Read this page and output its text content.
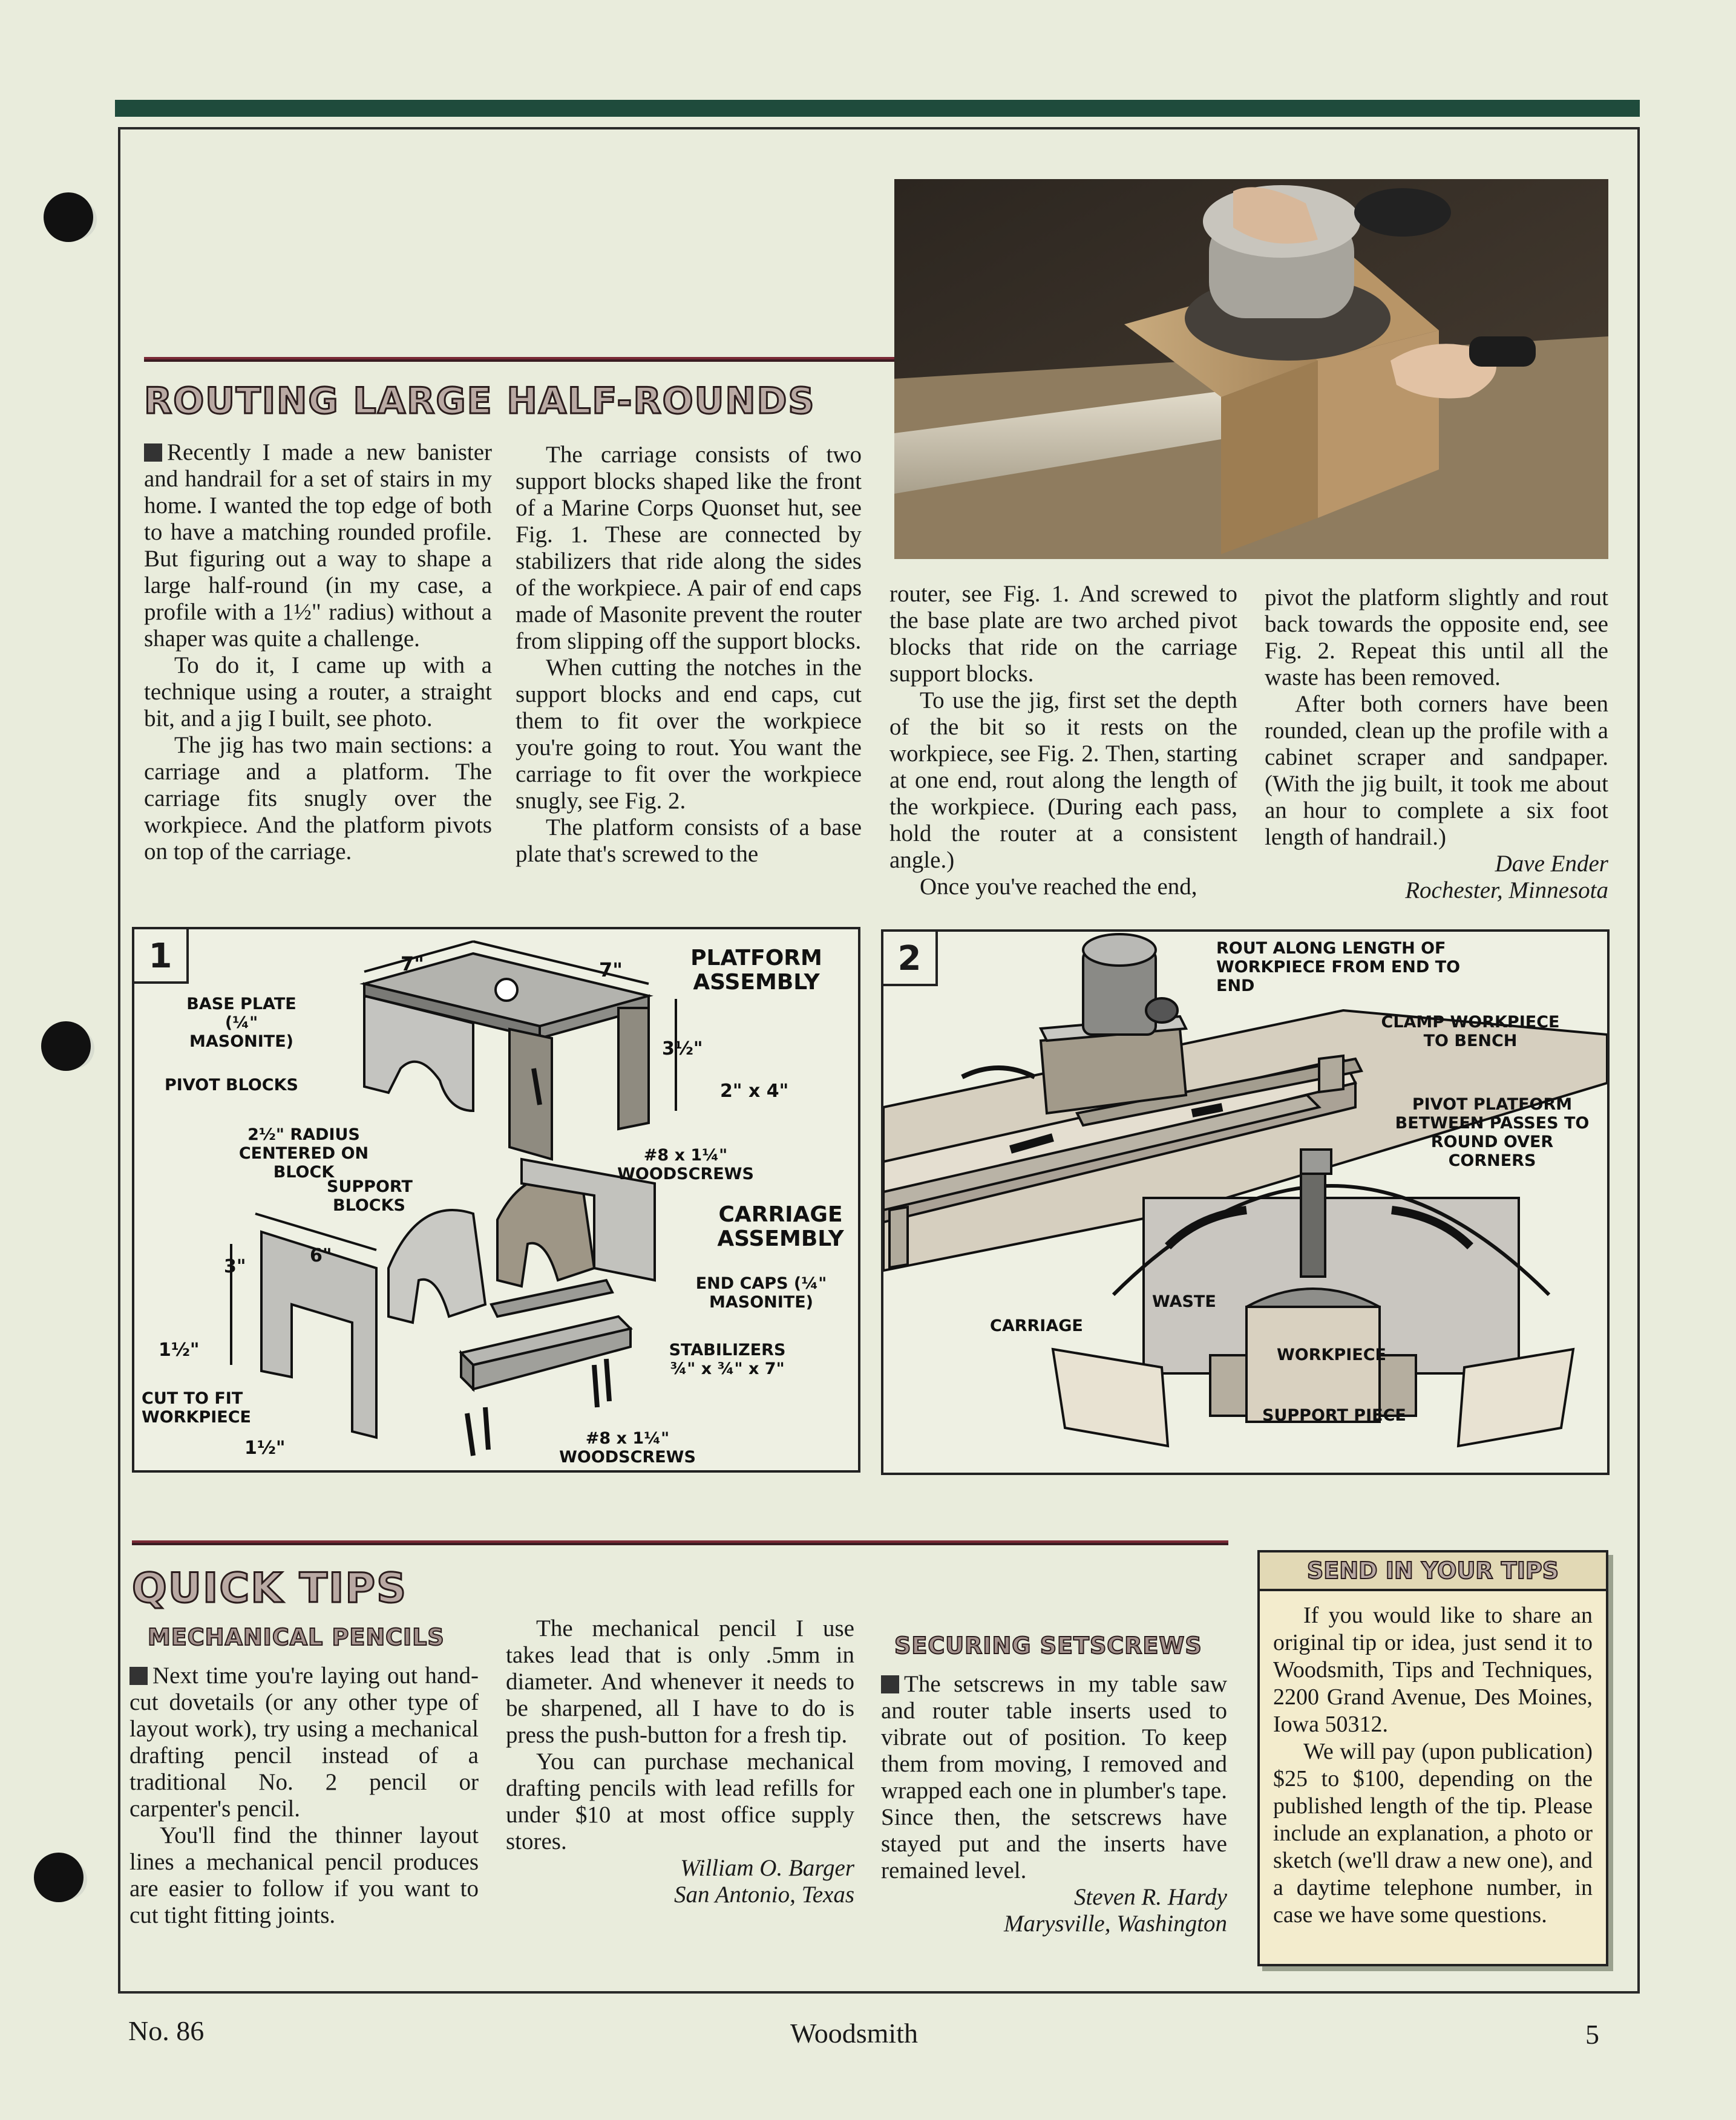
ROUTING LARGE HALF-ROUNDS

Recently I made a new banister and handrail for a set of stairs in my home. I wanted the top edge of both to have a matching rounded profile. But figuring out a way to shape a large half-round (in my case, a profile with a 1½" radius) without a shaper was quite a challenge.

To do it, I came up with a technique using a router, a straight bit, and a jig I built, see photo.

The jig has two main sections: a carriage and a platform. The carriage fits snugly over the workpiece. And the platform pivots on top of the carriage.

The carriage consists of two support blocks shaped like the front of a Marine Corps Quonset hut, see Fig. 1. These are connected by stabilizers that ride along the sides of the workpiece. A pair of end caps made of Masonite prevent the router from slipping off the support blocks.

When cutting the notches in the support blocks and end caps, cut them to fit over the workpiece you're going to rout. You want the carriage to fit over the workpiece snugly, see Fig. 2.

The platform consists of a base plate that's screwed to the

router, see Fig. 1. And screwed to the base plate are two arched pivot blocks that ride on the carriage support blocks.

To use the jig, first set the depth of the bit so it rests on the workpiece, see Fig. 2. Then, starting at one end, rout along the length of the workpiece. (During each pass, hold the router at a consistent angle.)

Once you've reached the end,

pivot the platform slightly and rout back towards the opposite end, see Fig. 2. Repeat this until all the waste has been removed.

After both corners have been rounded, clean up the profile with a cabinet scraper and sandpaper. (With the jig built, it took me about an hour to complete a six foot length of handrail.)

Dave Ender
Rochester, Minnesota
1	PLATFORM ASSEMBLY
CARRIAGE ASSEMBLY
BASE PLATE (¼" MASONITE)
PIVOT BLOCKS
2½" RADIUS CENTERED ON BLOCK
SUPPORT BLOCKS
CUT TO FIT WORKPIECE
#8 x 1¼" WOODSCREWS
#8 x 1¼" WOODSCREWS
END CAPS (¼" MASONITE)
STABILIZERS ¾" x ¾" x 7"
7"	7"
3½"
2" x 4"
6"
3"
1½"
1½"
2	ROUT ALONG LENGTH OF WORKPIECE FROM END TO END
CLAMP WORKPIECE TO BENCH
PIVOT PLATFORM BETWEEN PASSES TO ROUND OVER CORNERS
CARRIAGE
WASTE
WORKPIECE
SUPPORT PIECE
QUICK TIPS
MECHANICAL PENCILS

Next time you're laying out hand-cut dovetails (or any other type of layout work), try using a mechanical drafting pencil instead of a traditional No. 2 pencil or carpenter's pencil.

You'll find the thinner layout lines a mechanical pencil produces are easier to follow if you want to cut tight fitting joints.

The mechanical pencil I use takes lead that is only .5mm in diameter. And whenever it needs to be sharpened, all I have to do is press the push-button for a fresh tip.

You can purchase mechanical drafting pencils with lead refills for under $10 at most office supply stores.

William O. Barger
San Antonio, Texas
SECURING SETSCREWS

The setscrews in my table saw and router table inserts used to vibrate out of position. To keep them from moving, I removed and wrapped each one in plumber's tape. Since then, the setscrews have stayed put and the inserts have remained level.

Steven R. Hardy
Marysville, Washington
SEND IN YOUR TIPS

If you would like to share an original tip or idea, just send it to Woodsmith, Tips and Techniques, 2200 Grand Avenue, Des Moines, Iowa 50312.

We will pay (upon publication) $25 to $100, depending on the published length of the tip. Please include an explanation, a photo or sketch (we'll draw a new one), and a daytime telephone number, in case we have some questions.

No. 86	Woodsmith	5
